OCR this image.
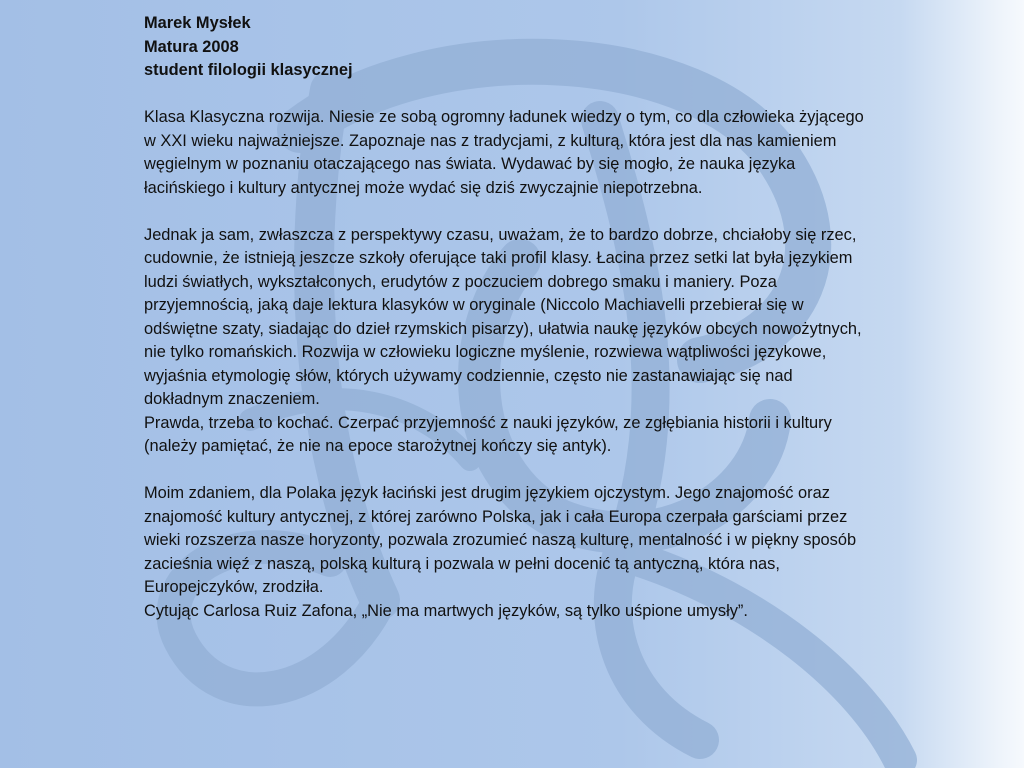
Marek Mysłek

Matura 2008

student filologii klasycznej

Klasa Klasyczna rozwija. Niesie ze sobą ogromny ładunek wiedzy o tym, co dla człowieka żyjącego w XXI wieku najważniejsze. Zapoznaje nas z tradycjami, z kulturą, która jest dla nas kamieniem węgielnym w poznaniu otaczającego nas świata. Wydawać by się mogło, że nauka języka łacińskiego i kultury antycznej może wydać się dziś zwyczajnie niepotrzebna.

Jednak ja sam, zwłaszcza z perspektywy czasu, uważam, że to bardzo dobrze, chciałoby się rzec, cudownie, że istnieją jeszcze szkoły oferujące taki profil klasy. Łacina przez setki lat była językiem ludzi światłych, wykształconych, erudytów z poczuciem dobrego smaku i maniery. Poza przyjemnością, jaką daje lektura klasyków w oryginale (Niccolo Machiavelli przebierał się w odświętne szaty, siadając do dzieł rzymskich pisarzy), ułatwia naukę języków obcych nowożytnych, nie tylko romańskich. Rozwija w człowieku logiczne myślenie, rozwiewa wątpliwości językowe, wyjaśnia etymologię słów, których używamy codziennie, często nie zastanawiając się nad dokładnym znaczeniem.

Prawda, trzeba to kochać. Czerpać przyjemność z nauki języków, ze zgłębiania historii i kultury (należy pamiętać, że nie na epoce starożytnej kończy się antyk).

Moim zdaniem, dla Polaka język łaciński jest drugim językiem ojczystym. Jego znajomość oraz znajomość kultury antycznej, z której zarówno Polska, jak i cała Europa czerpała garściami przez wieki rozszerza nasze horyzonty, pozwala zrozumieć naszą kulturę, mentalność i w piękny sposób zacieśnia więź z naszą, polską kulturą i pozwala w pełni docenić tą antyczną, która nas, Europejczyków, zrodziła.

Cytując Carlosa Ruiz Zafona, „Nie ma martwych języków, są tylko uśpione umysły”.
